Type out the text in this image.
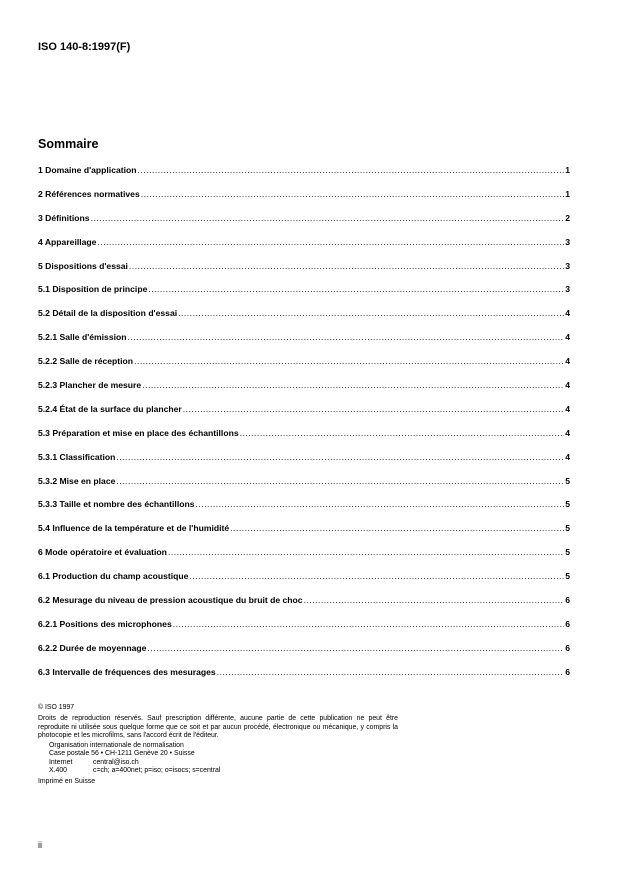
ISO 140-8:1997(F)
Sommaire
1 Domaine d'application .....	1
2 Références normatives .....	1
3 Définitions .....	2
4 Appareillage .....	3
5 Dispositions d'essai .....	3
5.1 Disposition de principe .....	3
5.2 Détail de la disposition d'essai .....	4
5.2.1 Salle d'émission .....	4
5.2.2 Salle de réception .....	4
5.2.3 Plancher de mesure .....	4
5.2.4 État de la surface du plancher .....	4
5.3 Préparation et mise en place des échantillons .....	4
5.3.1 Classification .....	4
5.3.2 Mise en place .....	5
5.3.3 Taille et nombre des échantillons .....	5
5.4 Influence de la température et de l'humidité .....	5
6 Mode opératoire et évaluation .....	5
6.1 Production du champ acoustique .....	5
6.2 Mesurage du niveau de pression acoustique du bruit de choc .....	6
6.2.1 Positions des microphones .....	6
6.2.2 Durée de moyennage .....	6
6.3 Intervalle de fréquences des mesurages .....	6

© ISO 1997

Droits de reproduction réservés. Sauf prescription différente, aucune partie de cette publication ne peut être reproduite ni utilisée sous quelque forme que ce soit et par aucun procédé, électronique ou mécanique, y compris la photocopie et les microfilms, sans l'accord écrit de l'éditeur.

Organisation internationale de normalisation
Case postale 56 • CH-1211 Genève 20 • Suisse
Internet	central@iso.ch
X.400	c=ch; a=400net; p=iso; o=isocs; s=central

Imprimé en Suisse

ii
